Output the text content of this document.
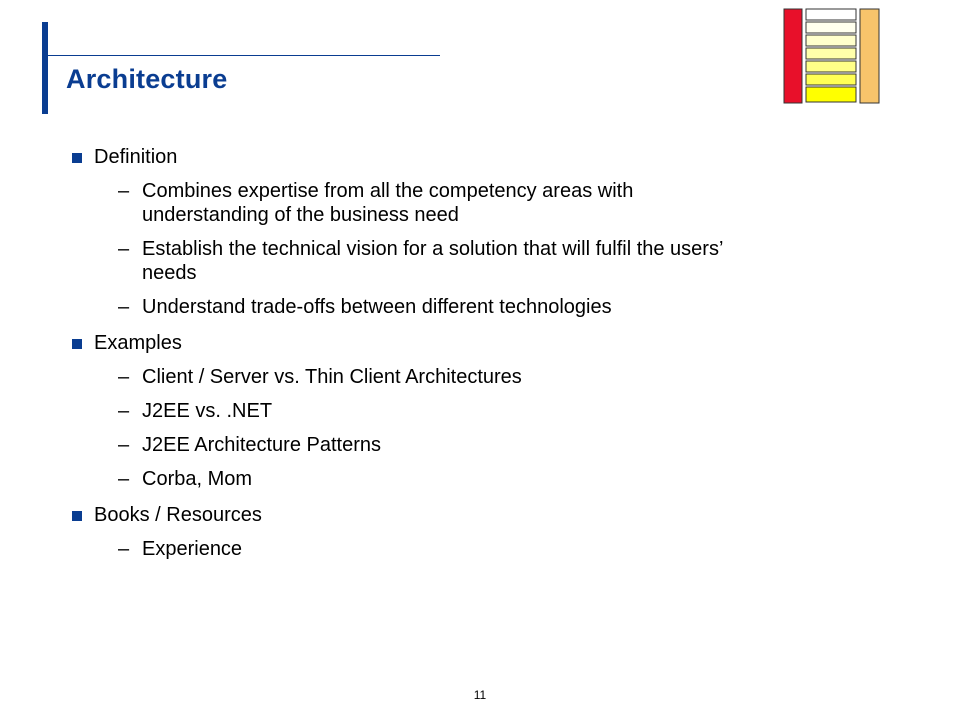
Architecture
Definition
– Combines expertise from all the competency areas with
understanding of the business need
– Establish the technical vision for a solution that will fulfil the users’
needs
– Understand trade-offs between different technologies
Examples
– Client / Server vs. Thin Client Architectures
– J2EE vs. .NET
– J2EE Architecture Patterns
– Corba, Mom
Books / Resources
– Experience
11
